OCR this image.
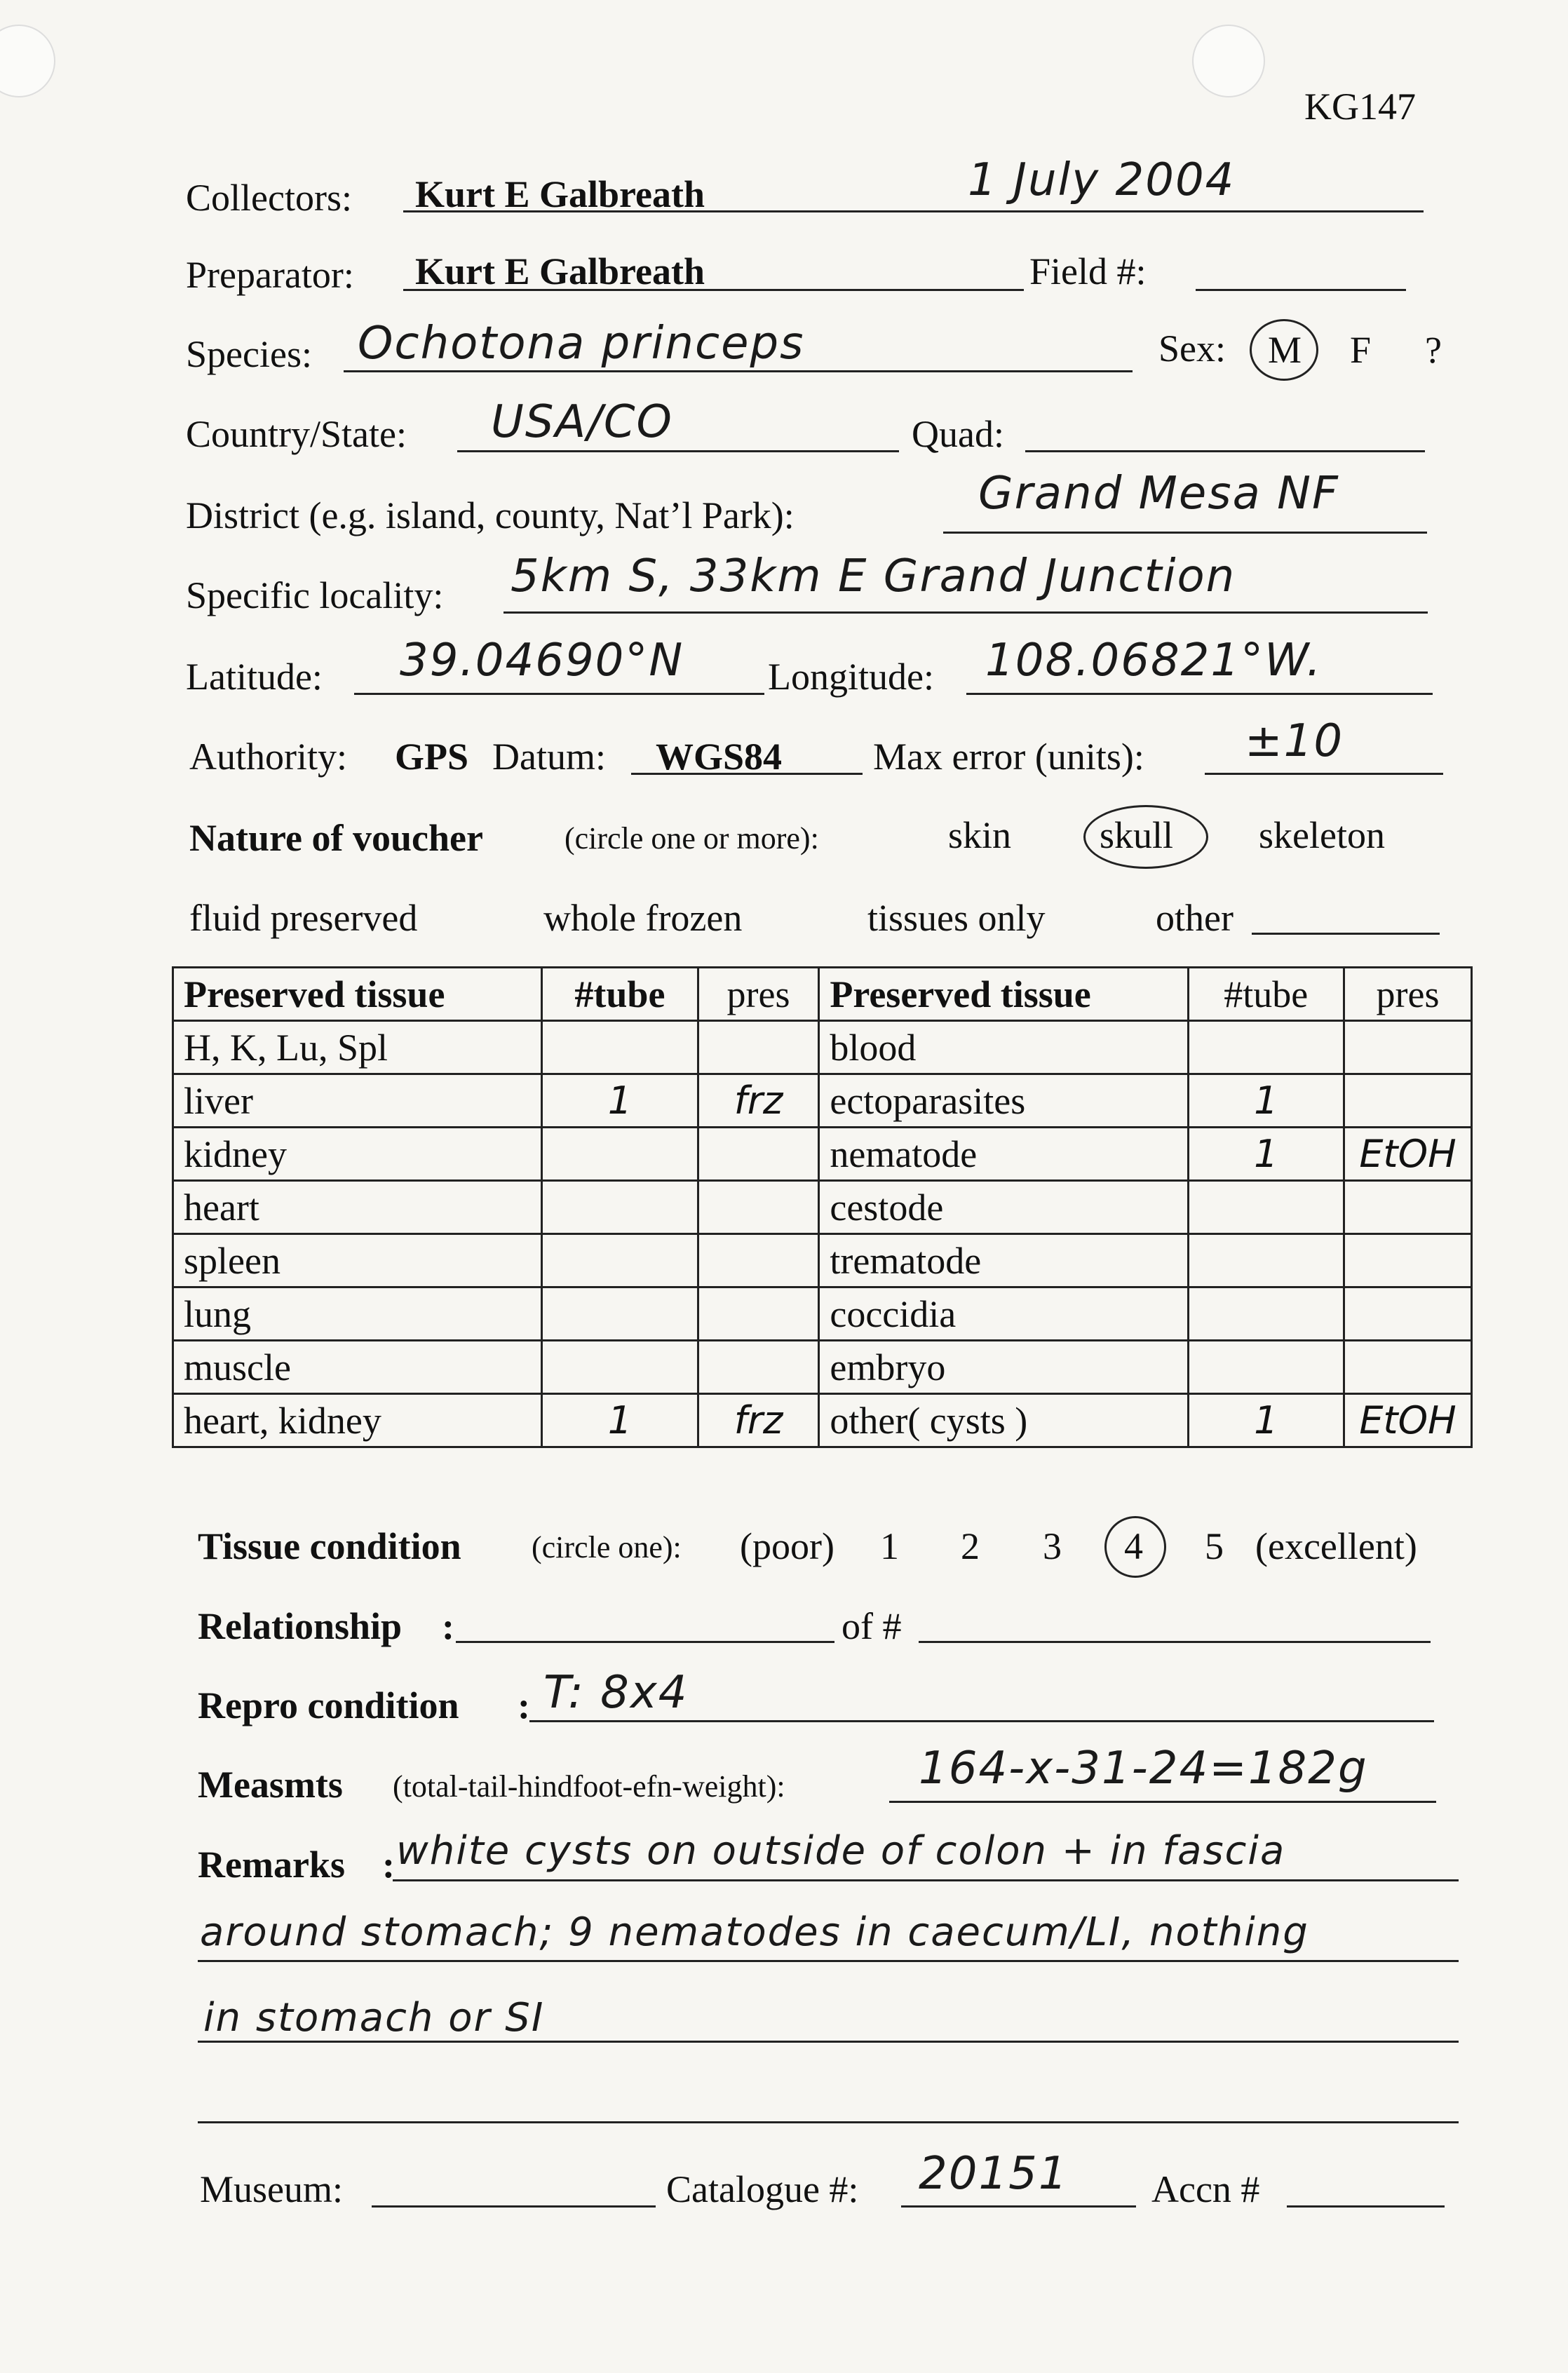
KG147
Collectors: Kurt E Galbreath	1 July 2004
Preparator: Kurt E Galbreath	Field #:
Species: Ochotona princeps	Sex: M F ?
Country/State: USA/CO	Quad:
District (e.g. island, county, Nat’l Park):	Grand Mesa NF
Specific locality: 5km S, 33km E Grand Junction
Latitude: 39.04690°N Longitude: 108.06821°W.
Authority: GPS Datum: WGS84 Max error (units): ±10
Nature of voucher	(circle one or more):	skin skull skeleton
fluid preserved	whole frozen	tissues only	other
Preserved tissue	#tube	pres	Preserved tissue	#tube	pres
H, K, Lu, Spl			blood		
liver	1	frz	ectoparasites	1	
kidney			nematode	1	EtOH
heart			cestode		
spleen			trematode		
lung			coccidia		
muscle			embryo		
heart, kidney	1	frz	other( cysts )	1	EtOH
Tissue condition (circle one): (poor) 1 2 3 4 5 (excellent)
Relationship :	of #
Repro condition : T: 8x4
Measmts (total-tail-hindfoot-efn-weight):	164-x-31-24=182g
Remarks : white cysts on outside of colon + in fascia
around stomach; 9 nematodes in caecum/LI, nothing
in stomach or SI
Museum:	Catalogue #: 20151 Accn #
